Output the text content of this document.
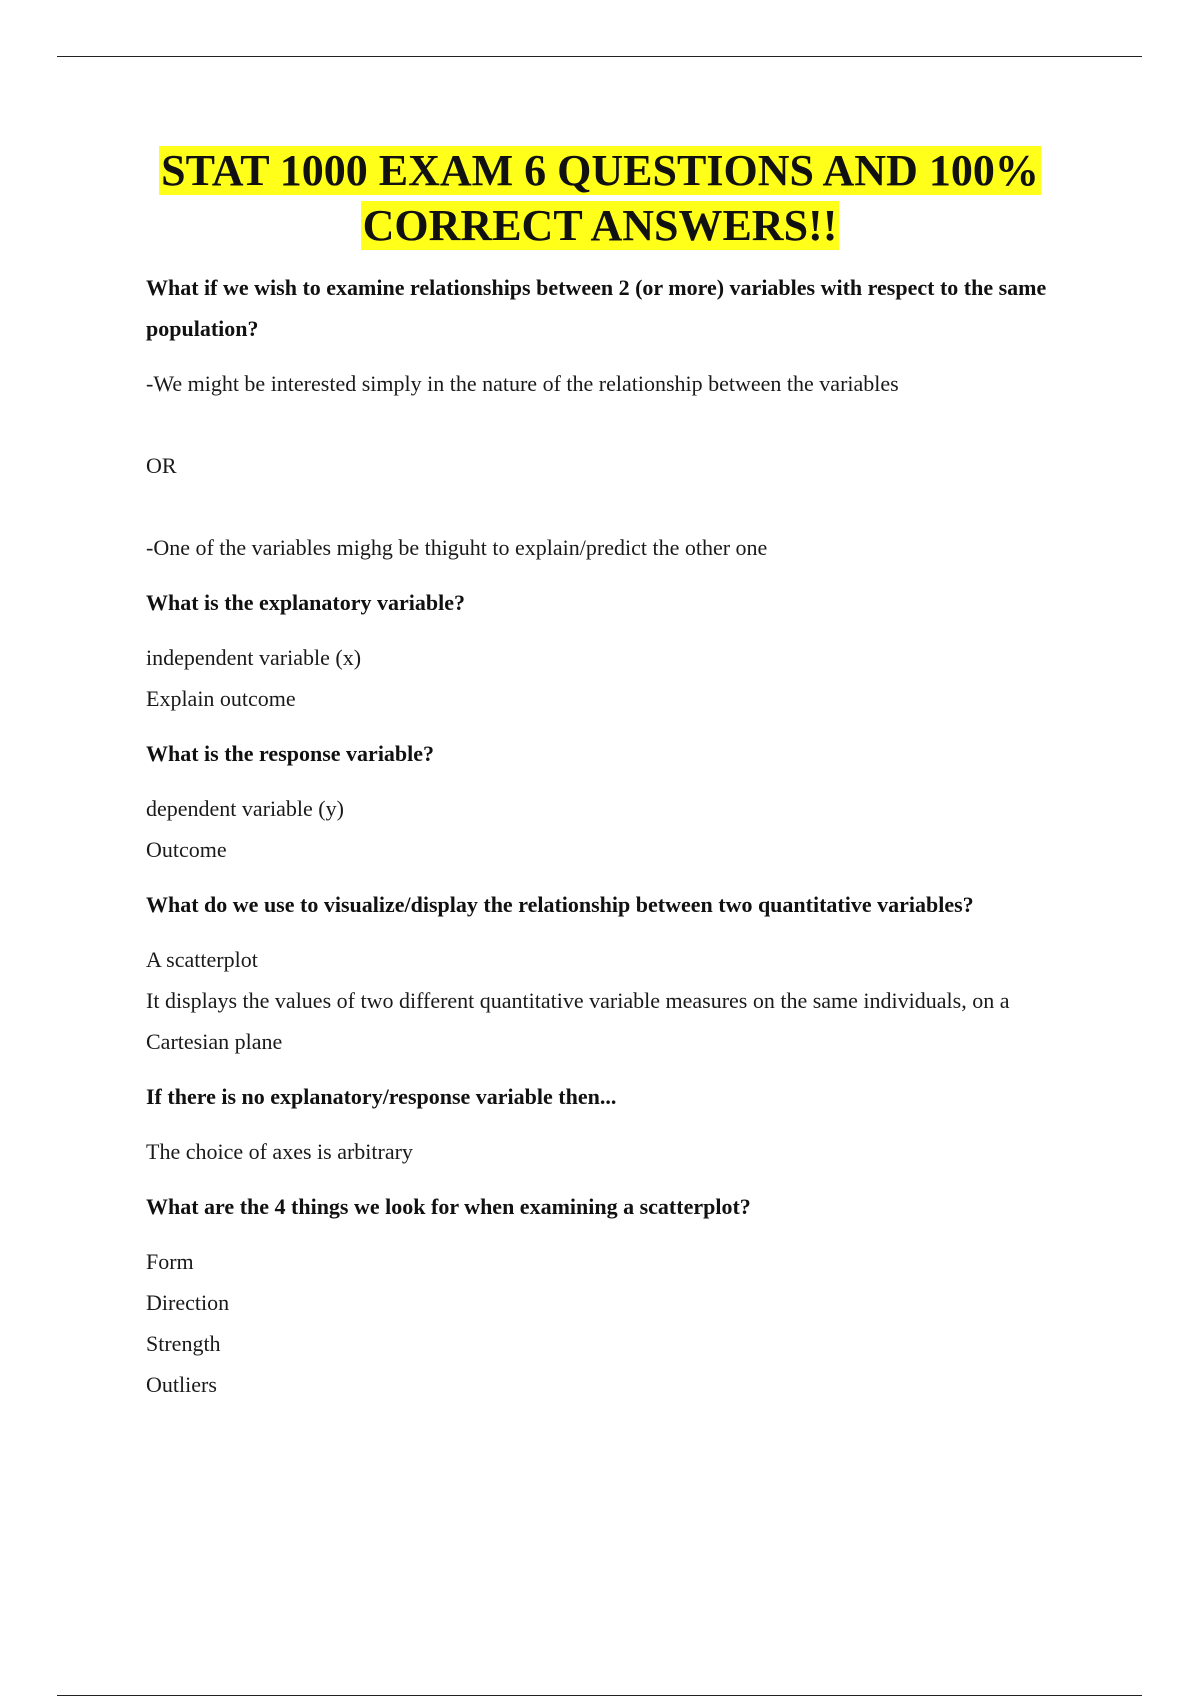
STAT 1000 EXAM 6 QUESTIONS AND 100%
CORRECT ANSWERS!!

What if we wish to examine relationships between 2 (or more) variables with respect to the same population?

-We might be interested simply in the nature of the relationship between the variables

OR

-One of the variables mighg be thiguht to explain/predict the other one

What is the explanatory variable?

independent variable (x)

Explain outcome

What is the response variable?

dependent variable (y)

Outcome

What do we use to visualize/display the relationship between two quantitative variables?

A scatterplot

It displays the values of two different quantitative variable measures on the same individuals, on a Cartesian plane

If there is no explanatory/response variable then...

The choice of axes is arbitrary

What are the 4 things we look for when examining a scatterplot?

Form

Direction

Strength

Outliers
